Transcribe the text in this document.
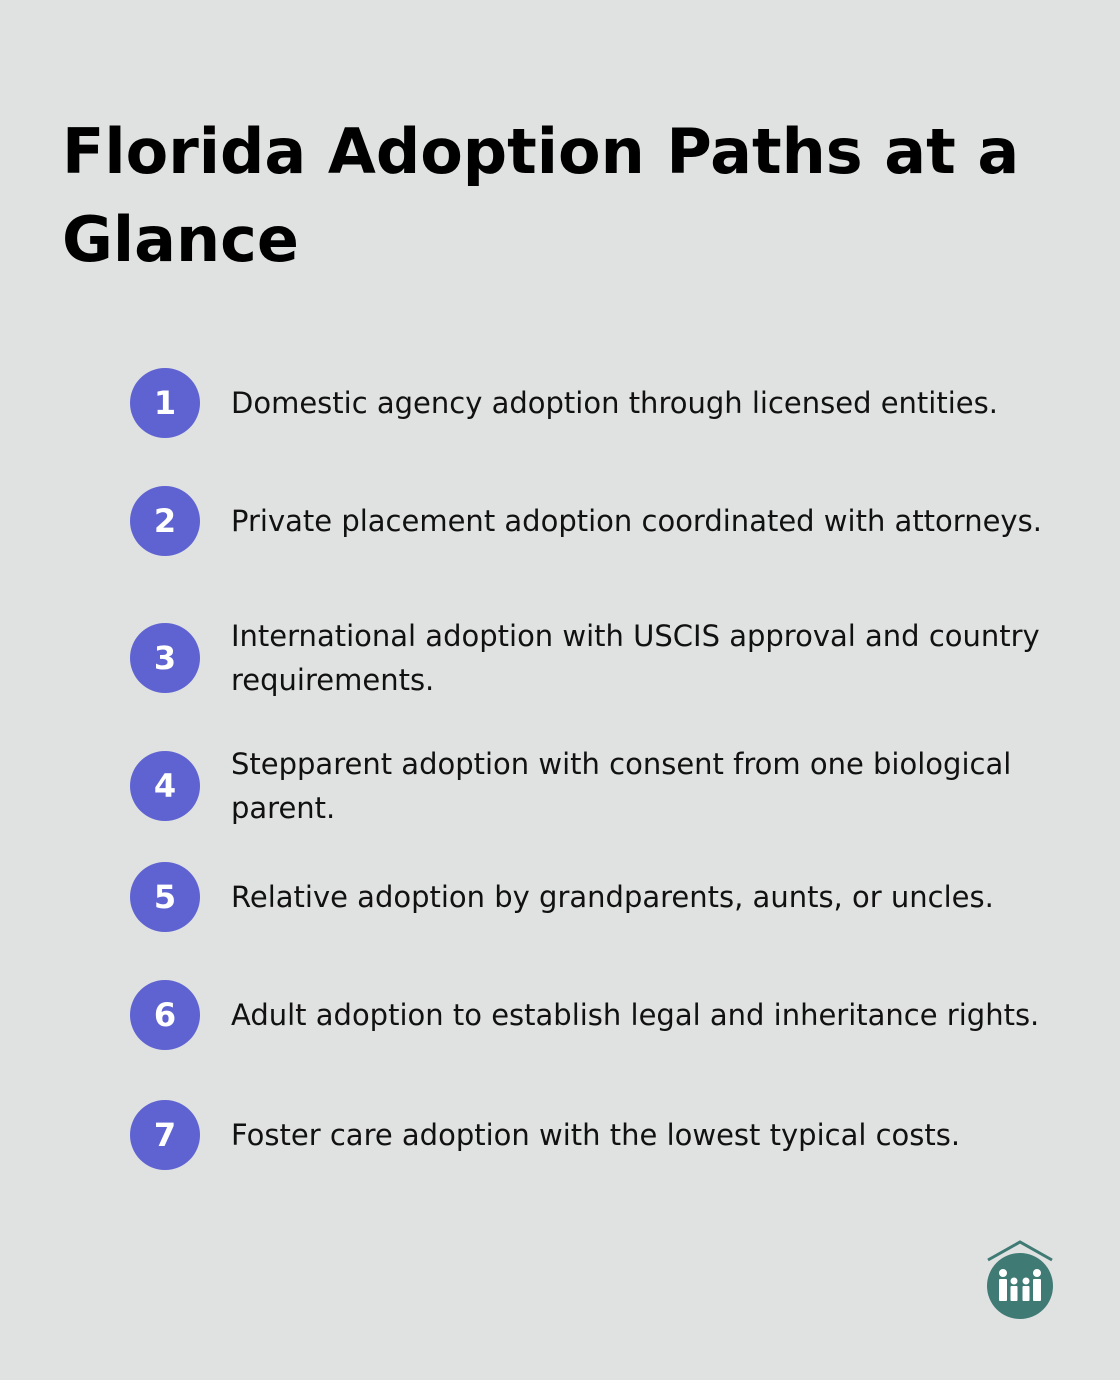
Florida Adoption Paths at a Glance
1	Domestic agency adoption through licensed entities.
2	Private placement adoption coordinated with attorneys.
3
International adoption with USCIS approval and country requirements.
4
Stepparent adoption with consent from one biological parent.
5	Relative adoption by grandparents, aunts, or uncles.
6	Adult adoption to establish legal and inheritance rights.
7	Foster care adoption with the lowest typical costs.
